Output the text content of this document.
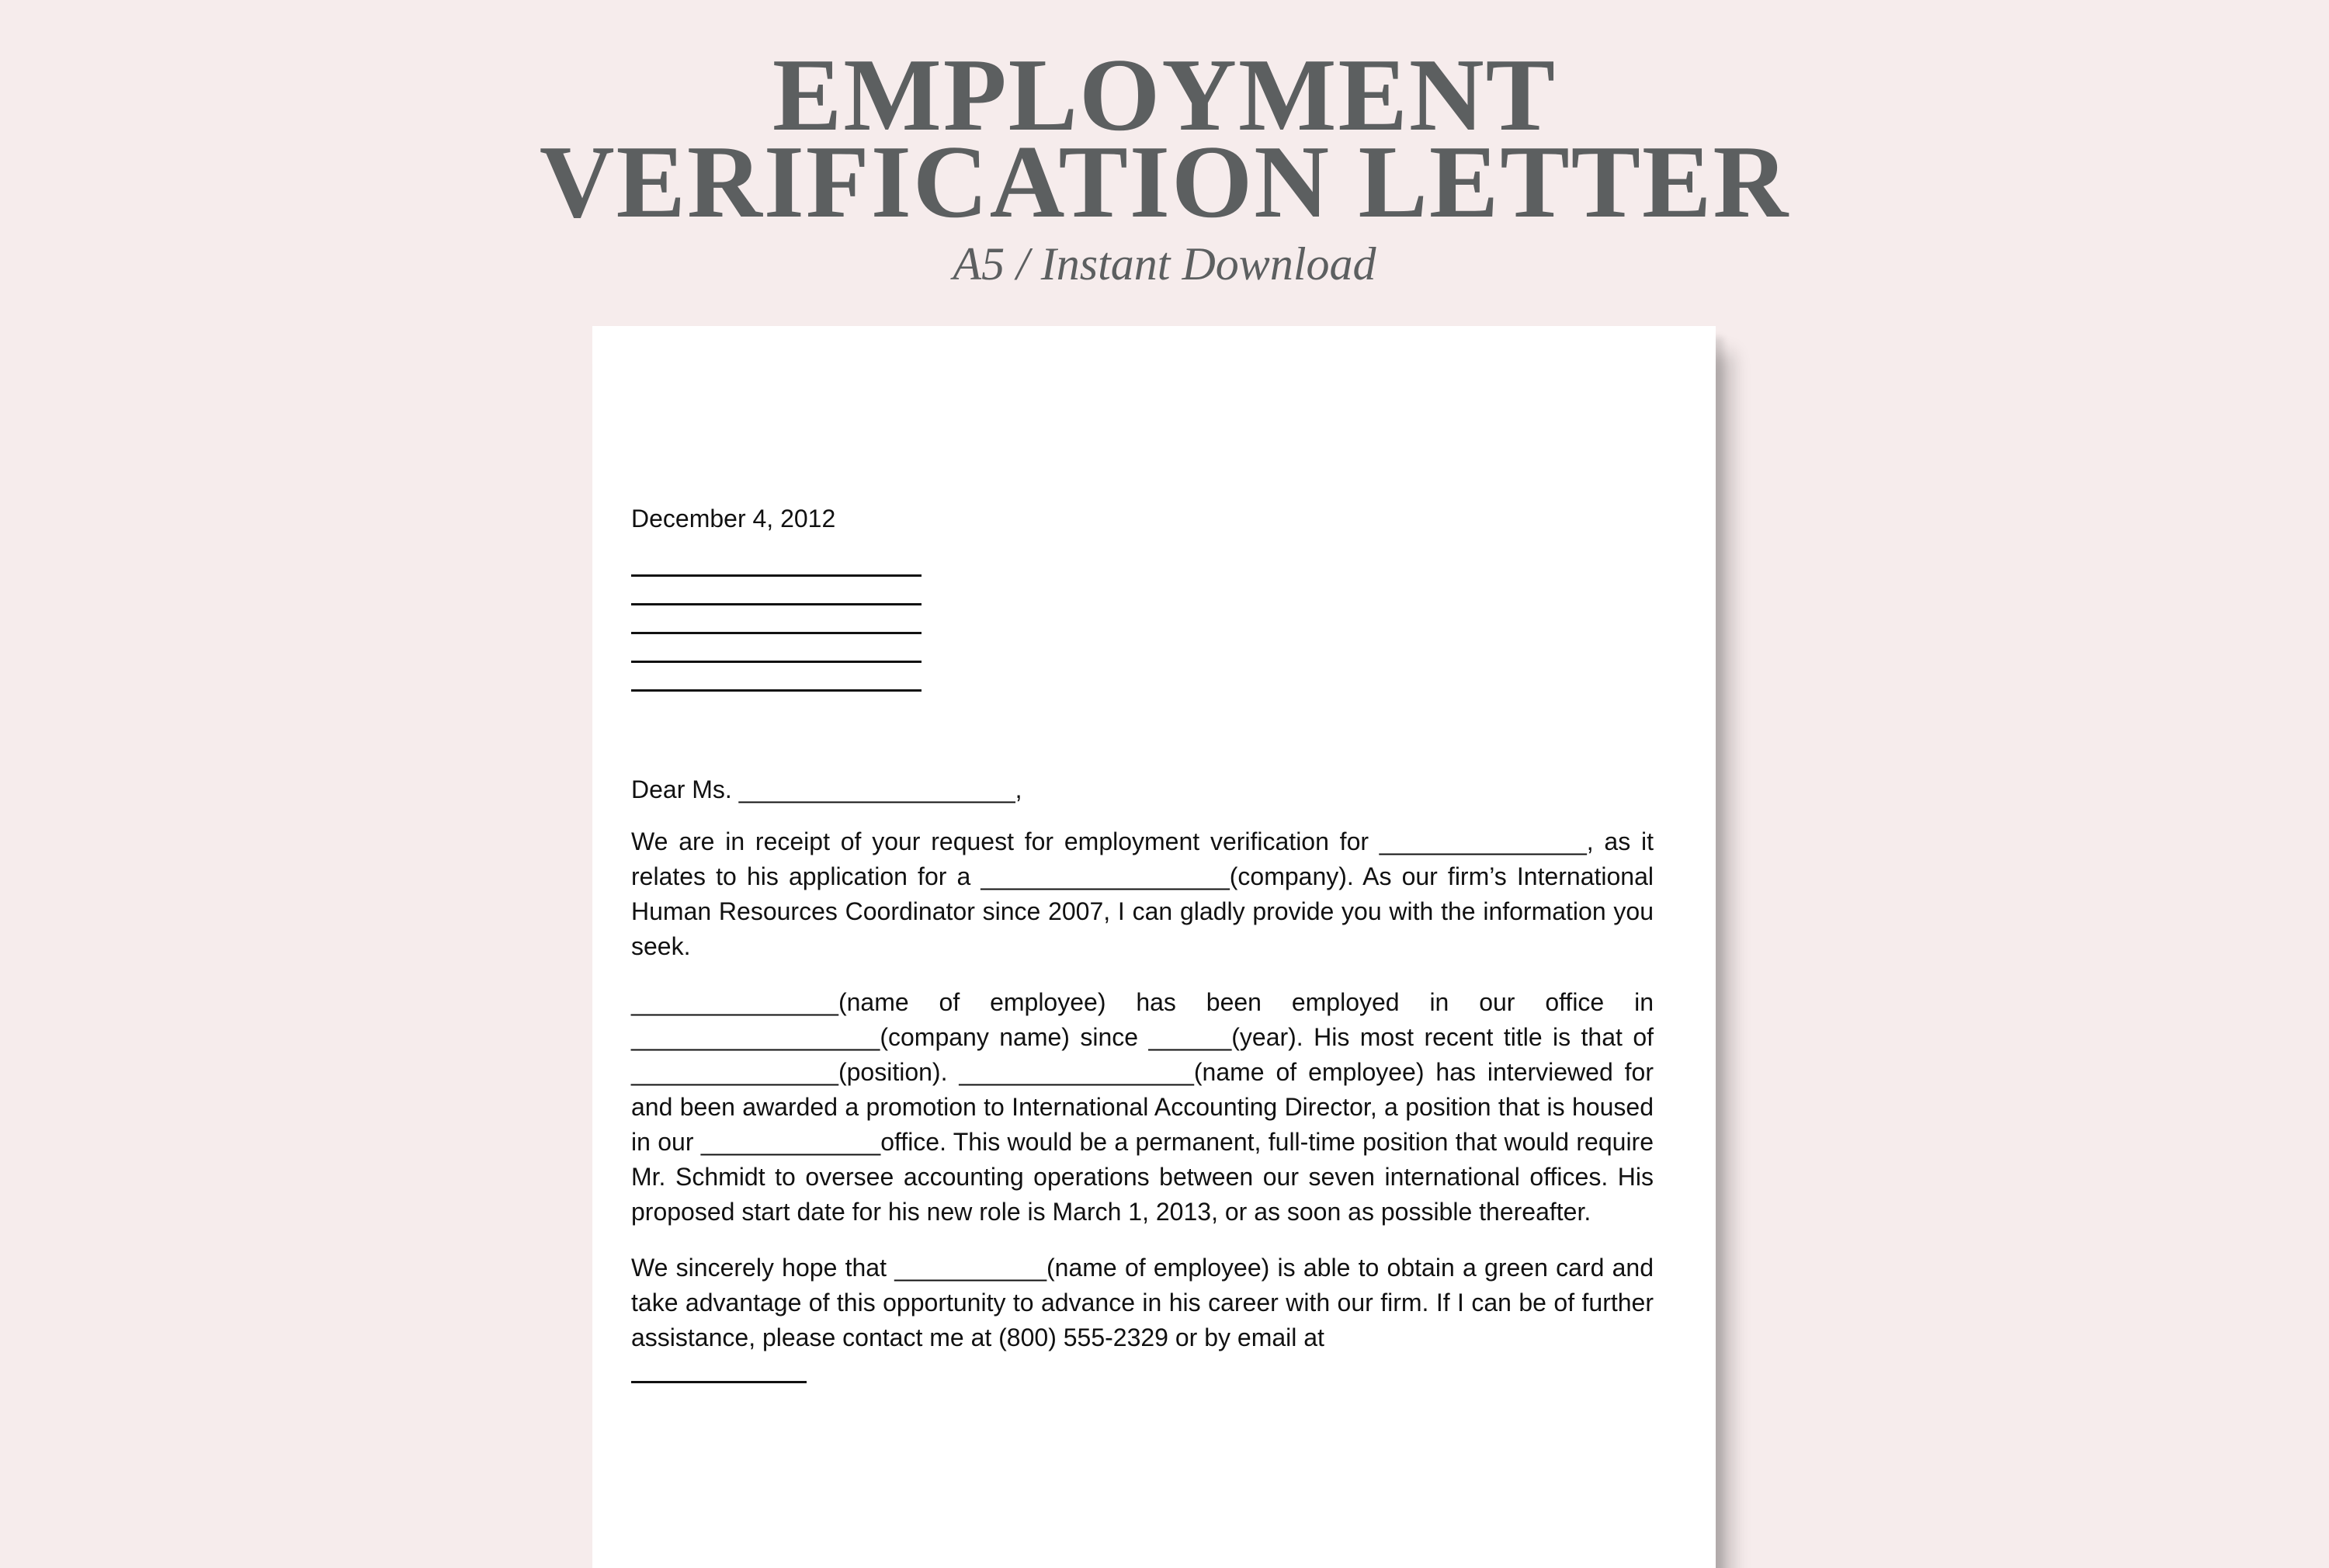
EMPLOYMENT
VERIFICATION LETTER
A5 / Instant Download

December 4, 2012

Dear Ms. ____________________,

We are in receipt of your request for employment verification for _______________, as it relates to his application for a __________________(company). As our firm’s International Human Resources Coordinator since 2007, I can gladly provide you with the information you seek.

_______________(name of employee) has been employed in our office in __________________(company name) since ______(year). His most recent title is that of _______________(position). _________________(name of employee) has interviewed for and been awarded a promotion to International Accounting Director, a position that is housed in our _____________office. This would be a permanent, full-time position that would require Mr. Schmidt to oversee accounting operations between our seven international offices. His proposed start date for his new role is March 1, 2013, or as soon as possible thereafter.

We sincerely hope that ___________(name of employee) is able to obtain a green card and take advantage of this opportunity to advance in his career with our firm. If I can be of further assistance, please contact me at (800) 555-2329 or by email at
